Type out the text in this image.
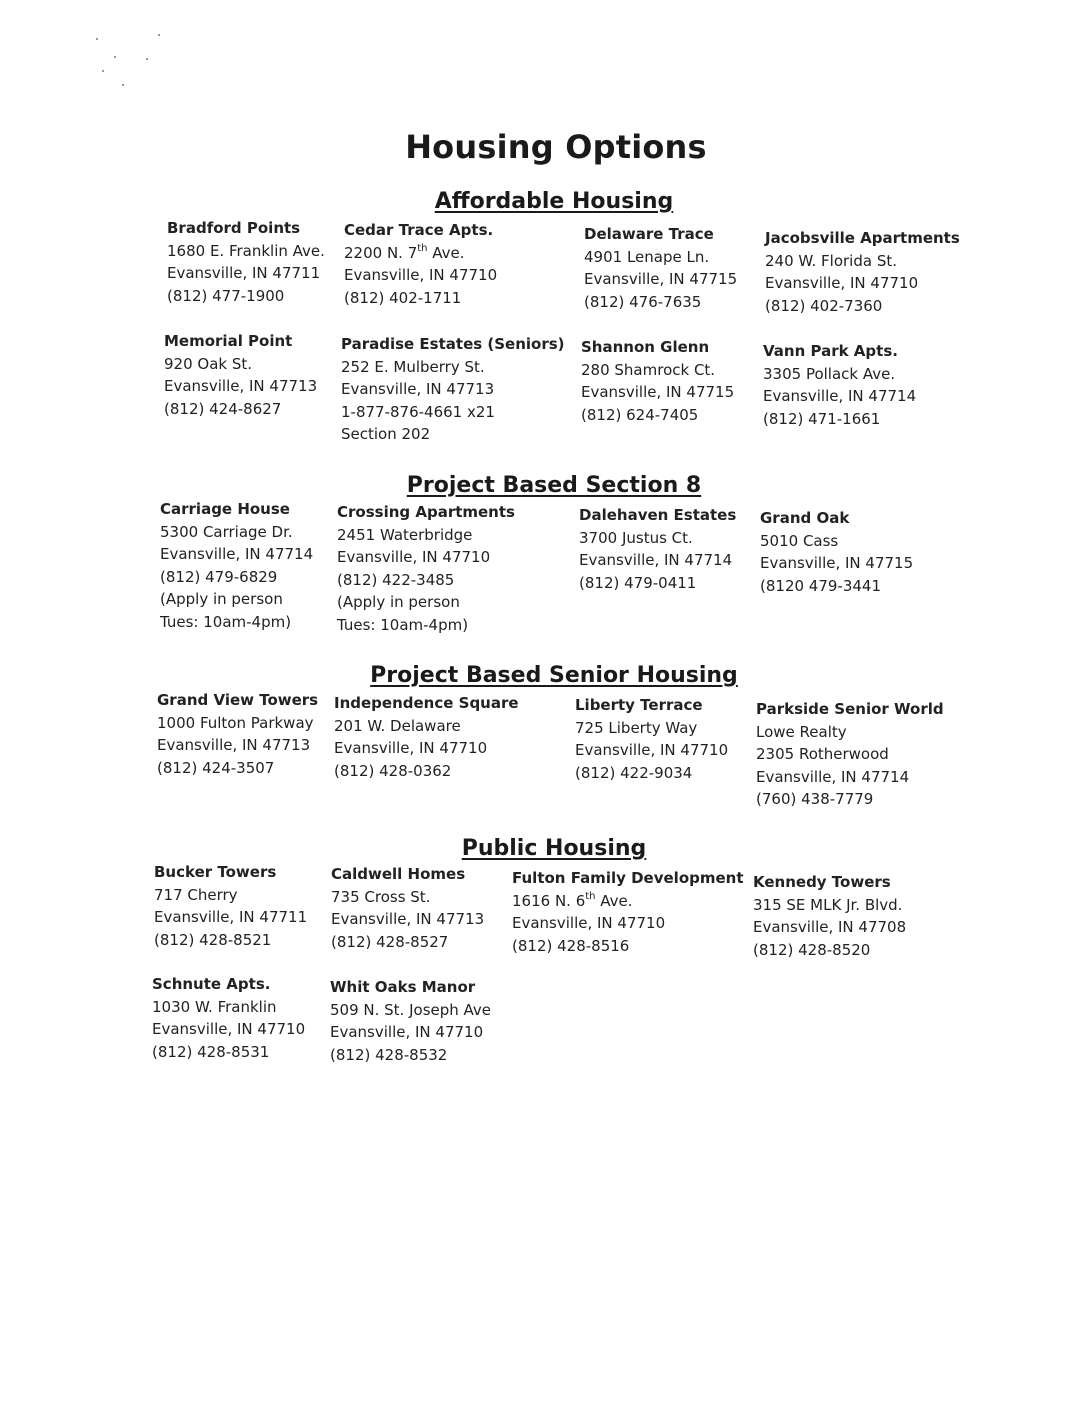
Housing Options
Affordable Housing
Project Based Section 8
Project Based Senior Housing
Public Housing
Bradford Points
1680 E. Franklin Ave.
Evansville, IN 47711
(812) 477-1900
Cedar Trace Apts.
2200 N. 7th Ave.
Evansville, IN 47710
(812) 402-1711
Delaware Trace
4901 Lenape Ln.
Evansville, IN 47715
(812) 476-7635
Jacobsville Apartments
240 W. Florida St.
Evansville, IN 47710
(812) 402-7360
Memorial Point
920 Oak St.
Evansville, IN 47713
(812) 424-8627
Paradise Estates (Seniors)
252 E. Mulberry St.
Evansville, IN 47713
1-877-876-4661 x21
Section 202
Shannon Glenn
280 Shamrock Ct.
Evansville, IN 47715
(812) 624-7405
Vann Park Apts.
3305 Pollack Ave.
Evansville, IN 47714
(812) 471-1661
Carriage House
5300 Carriage Dr.
Evansville, IN 47714
(812) 479-6829
(Apply in person
Tues: 10am-4pm)
Crossing Apartments
2451 Waterbridge
Evansville, IN 47710
(812) 422-3485
(Apply in person
Tues: 10am-4pm)
Dalehaven Estates
3700 Justus Ct.
Evansville, IN 47714
(812) 479-0411
Grand Oak
5010 Cass
Evansville, IN 47715
(8120 479-3441
Grand View Towers
1000 Fulton Parkway
Evansville, IN 47713
(812) 424-3507
Independence Square
201 W. Delaware
Evansville, IN 47710
(812) 428-0362
Liberty Terrace
725 Liberty Way
Evansville, IN 47710
(812) 422-9034
Parkside Senior World
Lowe Realty
2305 Rotherwood
Evansville, IN 47714
(760) 438-7779
Bucker Towers
717 Cherry
Evansville, IN 47711
(812) 428-8521
Caldwell Homes
735 Cross St.
Evansville, IN 47713
(812) 428-8527
Fulton Family Development
1616 N. 6th Ave.
Evansville, IN 47710
(812) 428-8516
Kennedy Towers
315 SE MLK Jr. Blvd.
Evansville, IN 47708
(812) 428-8520
Schnute Apts.
1030 W. Franklin
Evansville, IN 47710
(812) 428-8531
Whit Oaks Manor
509 N. St. Joseph Ave
Evansville, IN 47710
(812) 428-8532
